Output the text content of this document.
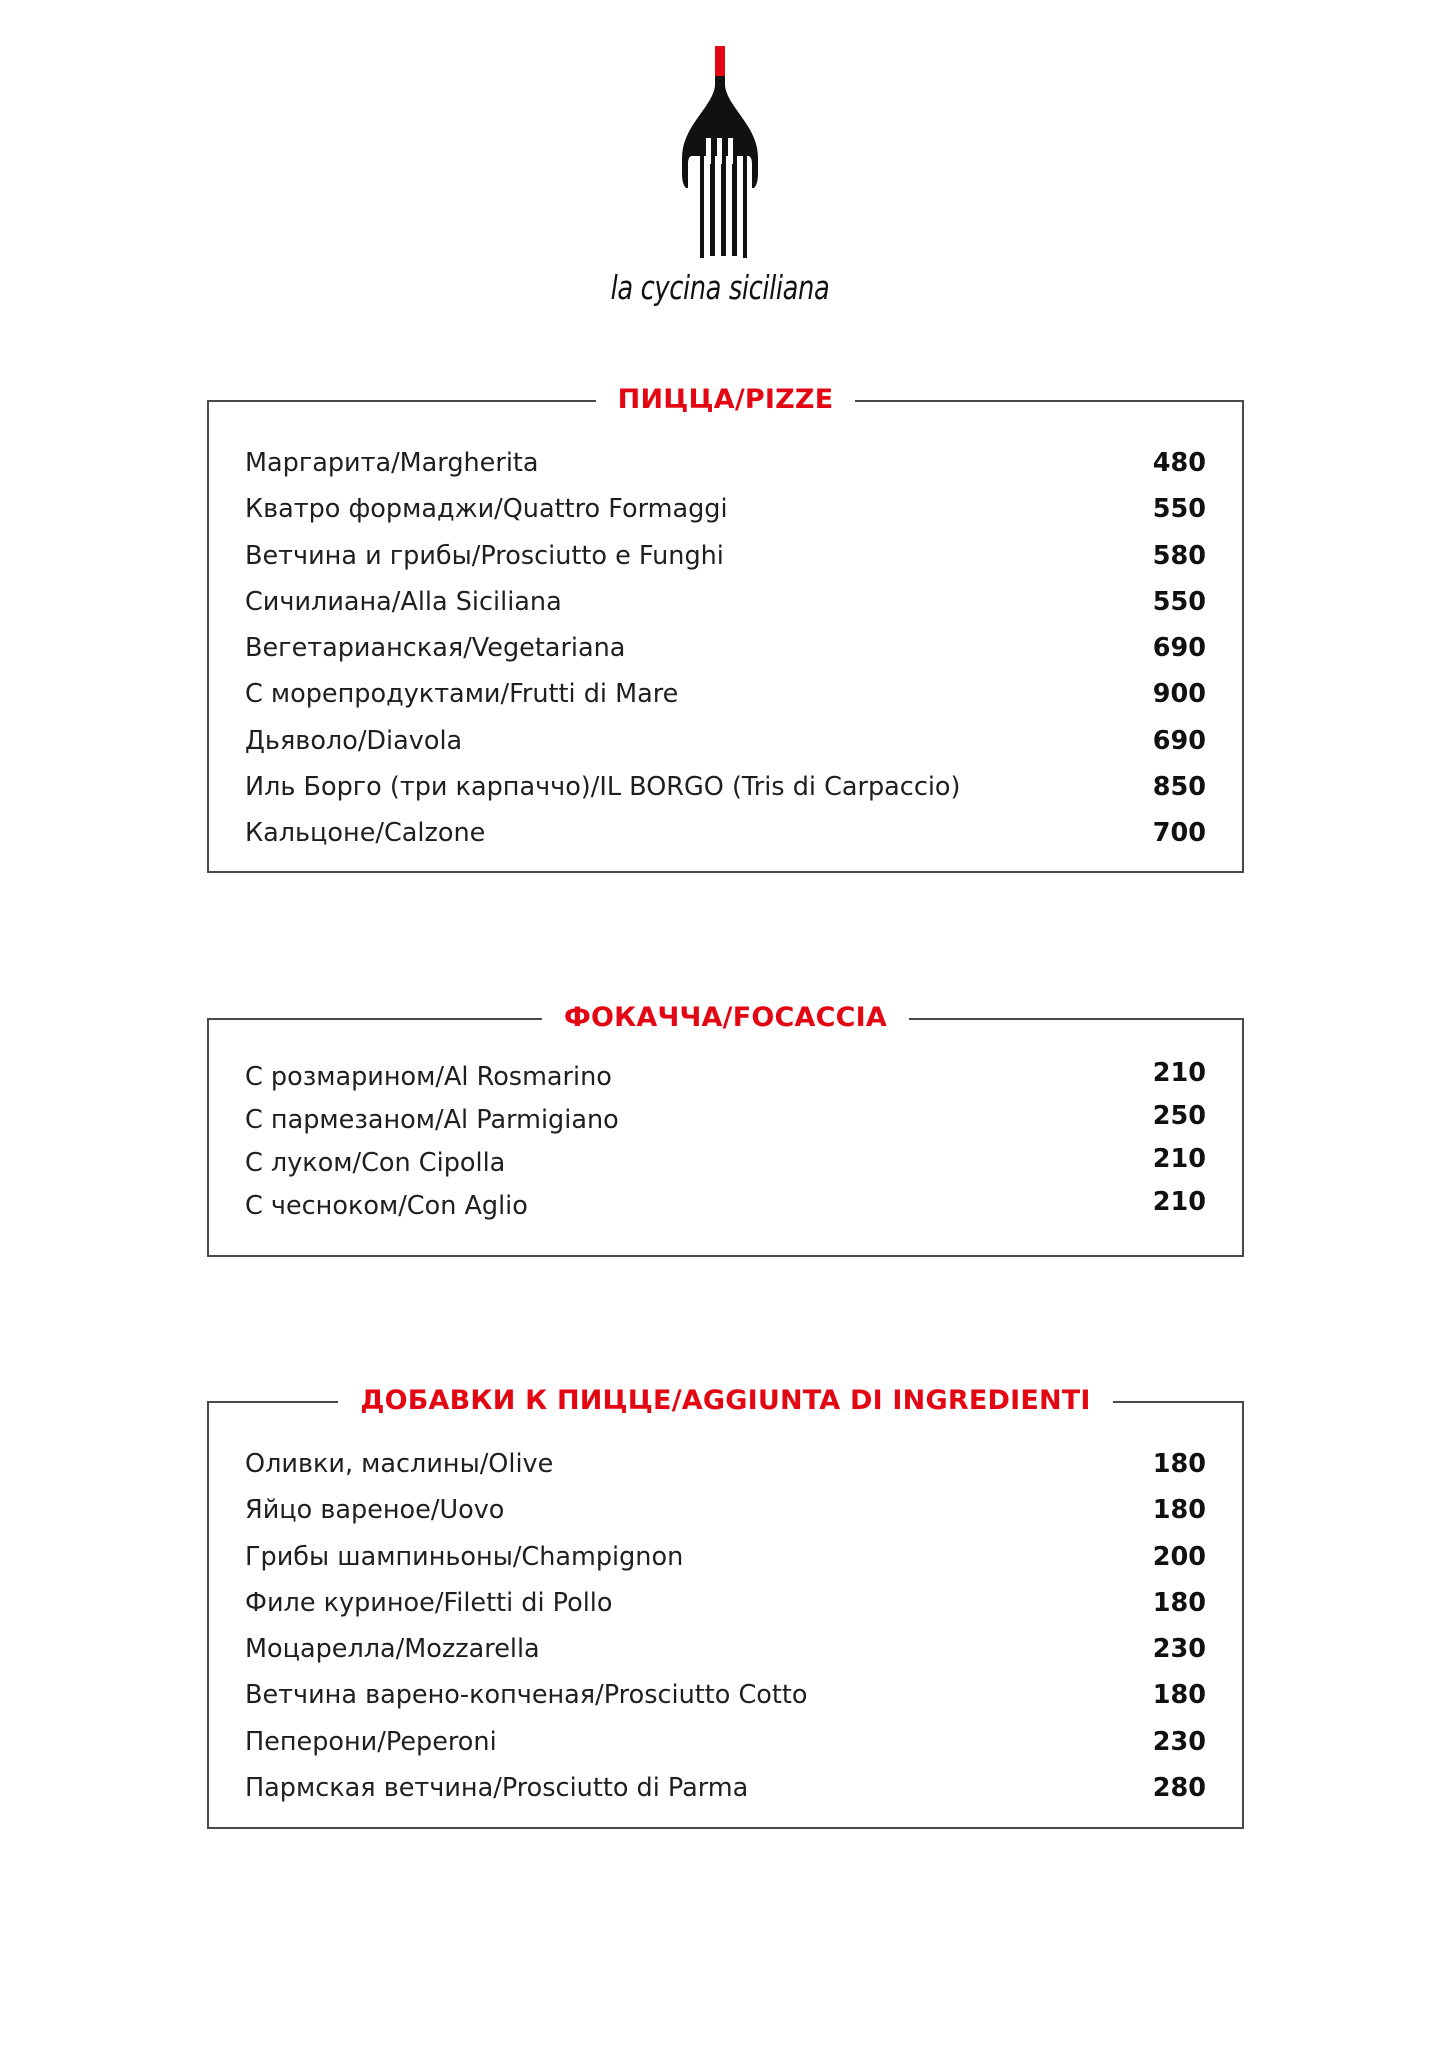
la cycina siciliana
ПИЦЦА/PIZZE
Маргарита/Margherita	480
Кватро формаджи/Quattro Formaggi	550
Ветчина и грибы/Prosciutto e Funghi	580
Сичилиана/Alla Siciliana	550
Вегетарианская/Vegetariana	690
С морепродуктами/Frutti di Mare	900
Дьяволо/Diavola	690
Иль Борго (три карпаччо)/IL BORGO (Tris di Carpaccio)	850
Кальцоне/Calzone	700
ФОКАЧЧА/FOCACCIA
С розмарином/Al Rosmarino	210
С пармезаном/Al Parmigiano	250
С луком/Con Cipolla	210
С чесноком/Con Aglio	210
ДОБАВКИ К ПИЦЦЕ/AGGIUNTA DI INGREDIENTI
Оливки, маслины/Olive	180
Яйцо вареное/Uovo	180
Грибы шампиньоны/Champignon	200
Филе куриное/Filetti di Pollo	180
Моцарелла/Mozzarella	230
Ветчина варено-копченая/Prosciutto Cotto	180
Пеперони/Peperoni	230
Пармская ветчина/Prosciutto di Parma	280
